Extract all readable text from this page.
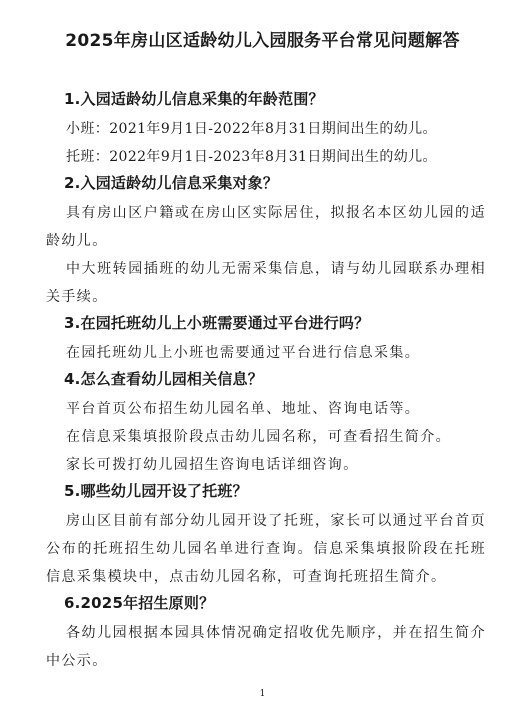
2025年房山区适龄幼儿入园服务平台常见问题解答
1.入园适龄幼儿信息采集的年龄范围？

小班：2021年9月1日-2022年8月31日期间出生的幼儿。

托班：2022年9月1日-2023年8月31日期间出生的幼儿。

2.入园适龄幼儿信息采集对象？

具有房山区户籍或在房山区实际居住，拟报名本区幼儿园的适龄幼儿。

中大班转园插班的幼儿无需采集信息，请与幼儿园联系办理相关手续。

3.在园托班幼儿上小班需要通过平台进行吗？

在园托班幼儿上小班也需要通过平台进行信息采集。

4.怎么查看幼儿园相关信息？

平台首页公布招生幼儿园名单、地址、咨询电话等。

在信息采集填报阶段点击幼儿园名称，可查看招生简介。

家长可拨打幼儿园招生咨询电话详细咨询。

5.哪些幼儿园开设了托班？

房山区目前有部分幼儿园开设了托班，家长可以通过平台首页公布的托班招生幼儿园名单进行查询。信息采集填报阶段在托班信息采集模块中，点击幼儿园名称，可查询托班招生简介。

6.2025年招生原则？

各幼儿园根据本园具体情况确定招收优先顺序，并在招生简介中公示。

1
